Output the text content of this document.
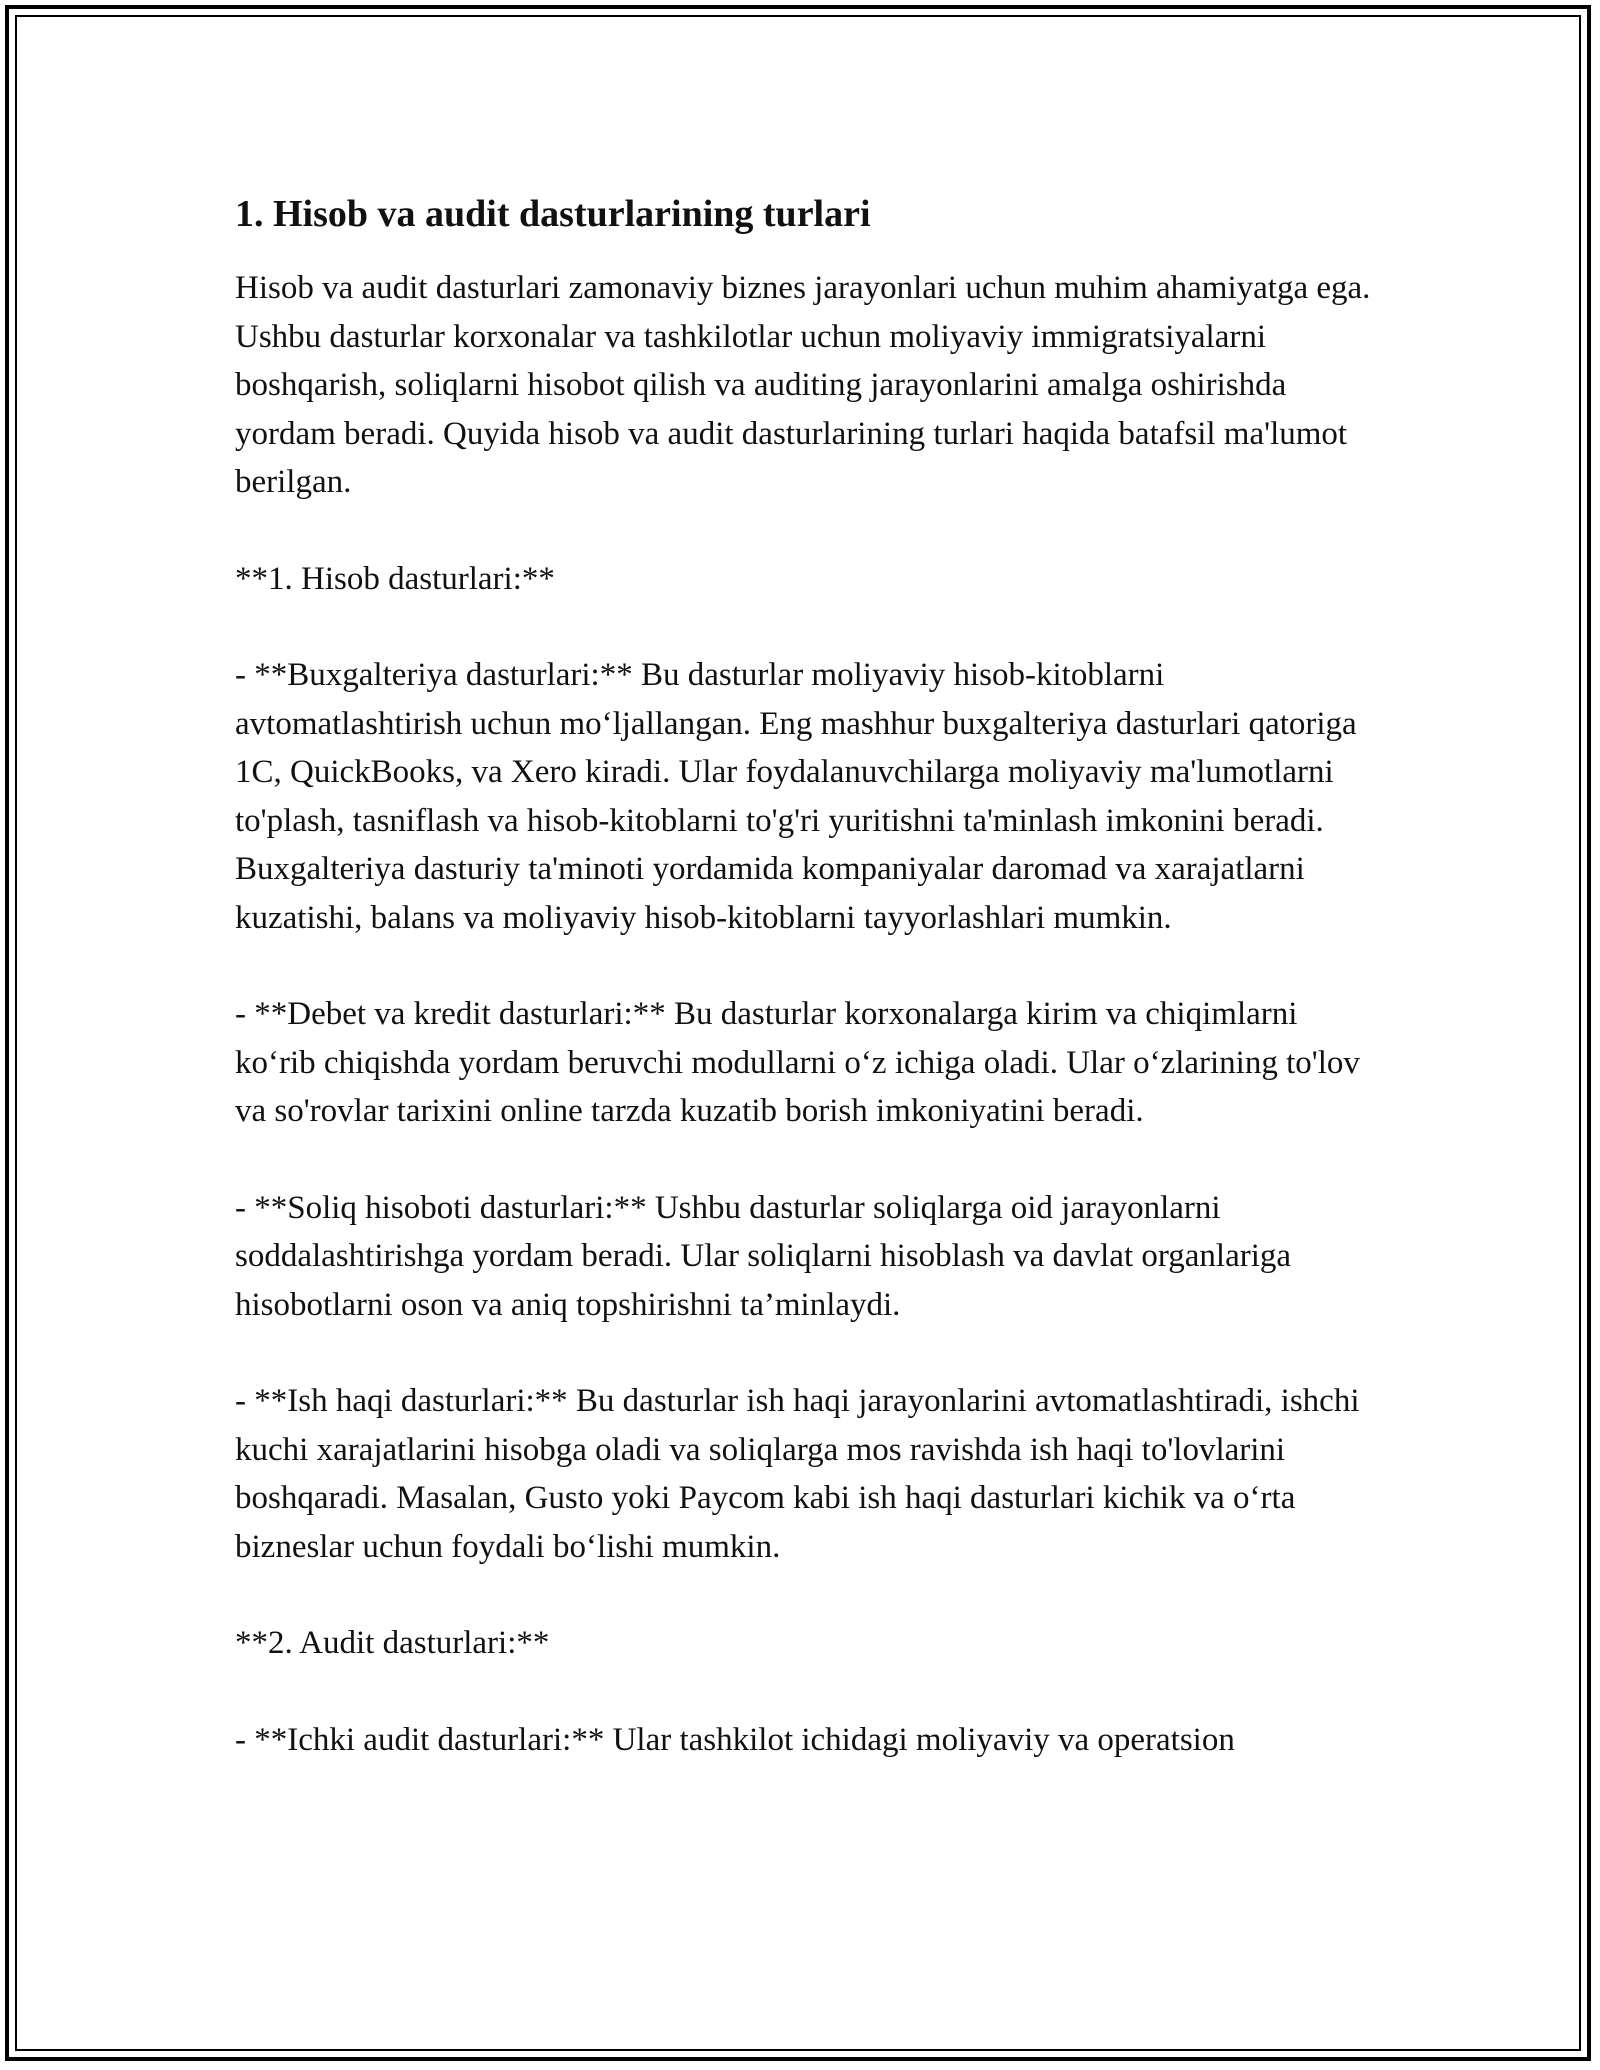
1. Hisob va audit dasturlarining turlari

Hisob va audit dasturlari zamonaviy biznes jarayonlari uchun muhim ahamiyatga ega. Ushbu dasturlar korxonalar va tashkilotlar uchun moliyaviy immigratsiyalarni boshqarish, soliqlarni hisobot qilish va auditing jarayonlarini amalga oshirishda yordam beradi. Quyida hisob va audit dasturlarining turlari haqida batafsil ma'lumot berilgan.

**1. Hisob dasturlari:**

- **Buxgalteriya dasturlari:** Bu dasturlar moliyaviy hisob-kitoblarni avtomatlashtirish uchun moʻljallangan. Eng mashhur buxgalteriya dasturlari qatoriga 1C, QuickBooks, va Xero kiradi. Ular foydalanuvchilarga moliyaviy ma'lumotlarni to'plash, tasniflash va hisob-kitoblarni to'g'ri yuritishni ta'minlash imkonini beradi. Buxgalteriya dasturiy ta'minoti yordamida kompaniyalar daromad va xarajatlarni kuzatishi, balans va moliyaviy hisob-kitoblarni tayyorlashlari mumkin.

- **Debet va kredit dasturlari:** Bu dasturlar korxonalarga kirim va chiqimlarni koʻrib chiqishda yordam beruvchi modullarni oʻz ichiga oladi. Ular oʻzlarining to'lov va so'rovlar tarixini online tarzda kuzatib borish imkoniyatini beradi.

- **Soliq hisoboti dasturlari:** Ushbu dasturlar soliqlarga oid jarayonlarni soddalashtirishga yordam beradi. Ular soliqlarni hisoblash va davlat organlariga hisobotlarni oson va aniq topshirishni ta’minlaydi.

- **Ish haqi dasturlari:** Bu dasturlar ish haqi jarayonlarini avtomatlashtiradi, ishchi kuchi xarajatlarini hisobga oladi va soliqlarga mos ravishda ish haqi to'lovlarini boshqaradi. Masalan, Gusto yoki Paycom kabi ish haqi dasturlari kichik va oʻrta bizneslar uchun foydali boʻlishi mumkin.

**2. Audit dasturlari:**

- **Ichki audit dasturlari:** Ular tashkilot ichidagi moliyaviy va operatsion
